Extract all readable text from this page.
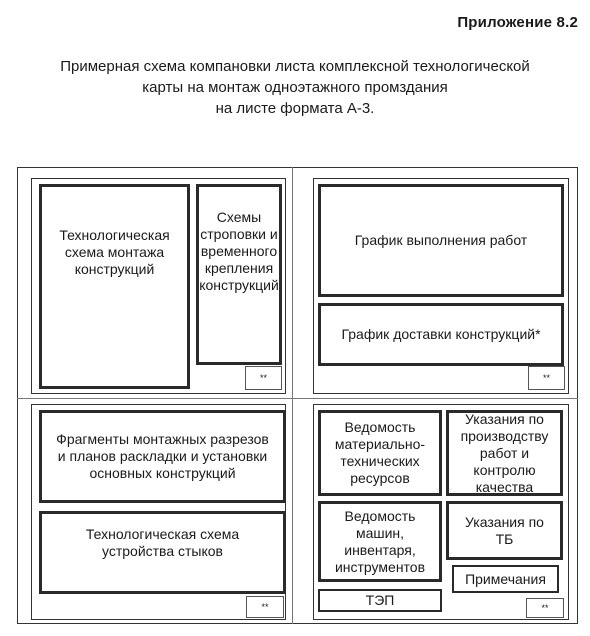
Приложение 8.2
Примерная схема компановки листа комплексной технологической
карты на монтаж одноэтажного промздания
на листе формата А-3.
Технологическая
схема монтажа
конструкций
Схемы
строповки и
временного
крепления
конструкций
**
График выполнения работ
График доставки конструкций*
**
Фрагменты монтажных разрезов
и планов раскладки и установки
основных конструкций
Технологическая схема
устройства стыков
**
Ведомость
материально-
технических
ресурсов
Указания по
производству
работ и контролю
качества
Ведомость машин,
инвентаря,
инструментов
Указания по
ТБ
Примечания
ТЭП	**
